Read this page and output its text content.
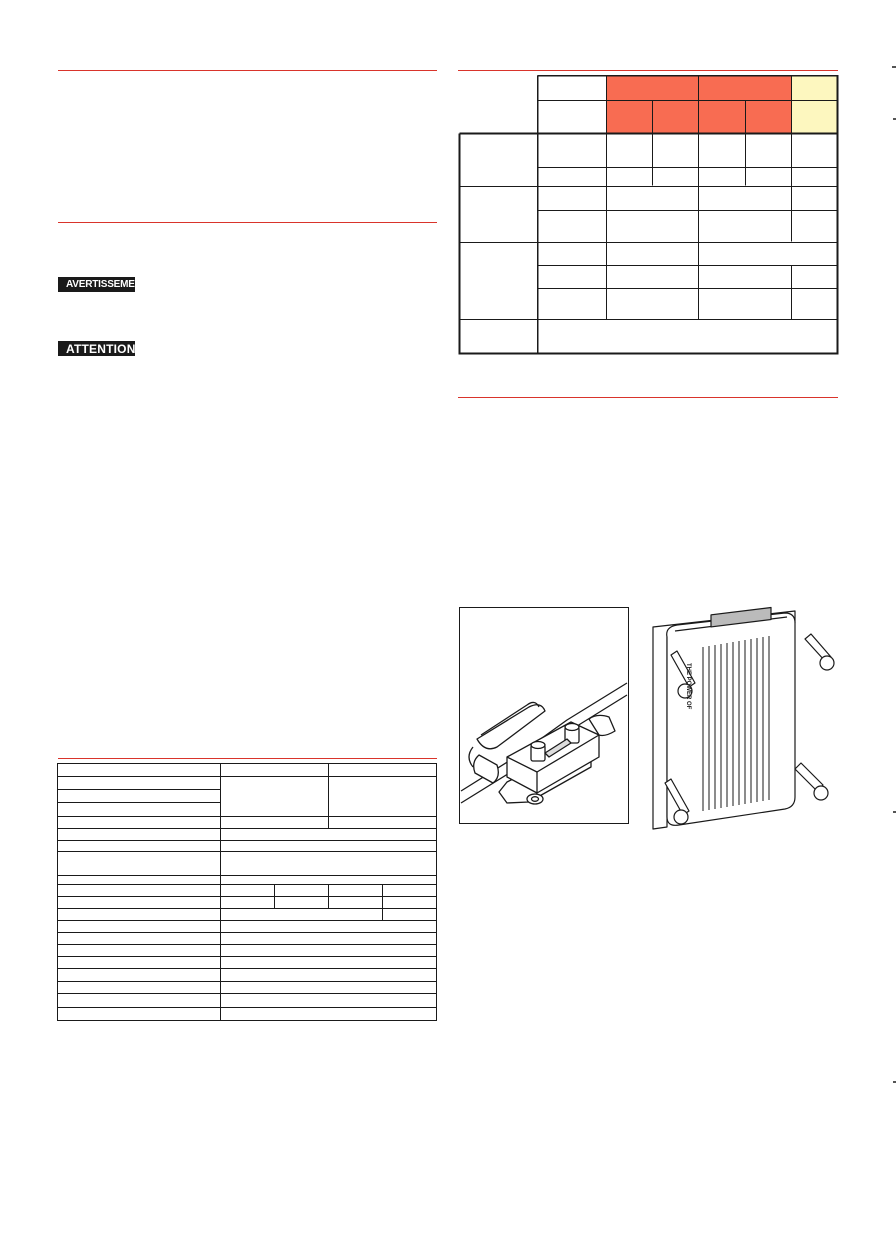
AVERTISSEMENT
ATTENTION
THE POWER OF
